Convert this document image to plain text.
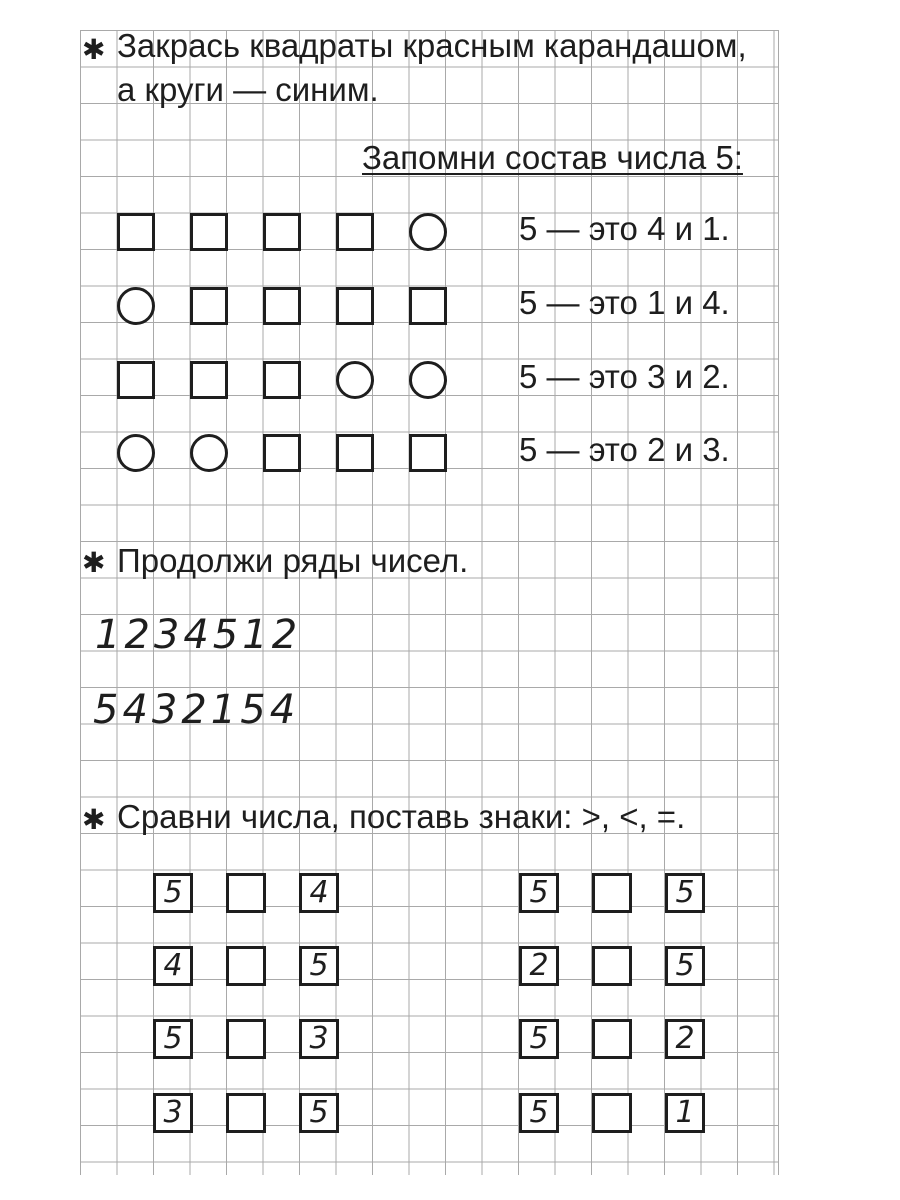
✱ Закрась квадраты красным карандашом,
а круги — синим.
Запомни состав числа 5:
5 — это 4 и 1.
5 — это 1 и 4.
5 — это 3 и 2.
5 — это 2 и 3.
✱ Продолжи ряды чисел.
1234512
5432154
✱ Сравни числа, поставь знаки: >, <, =.
5	4
4	5
5	3
3	5
5	5
2	5
5	2
5	1
